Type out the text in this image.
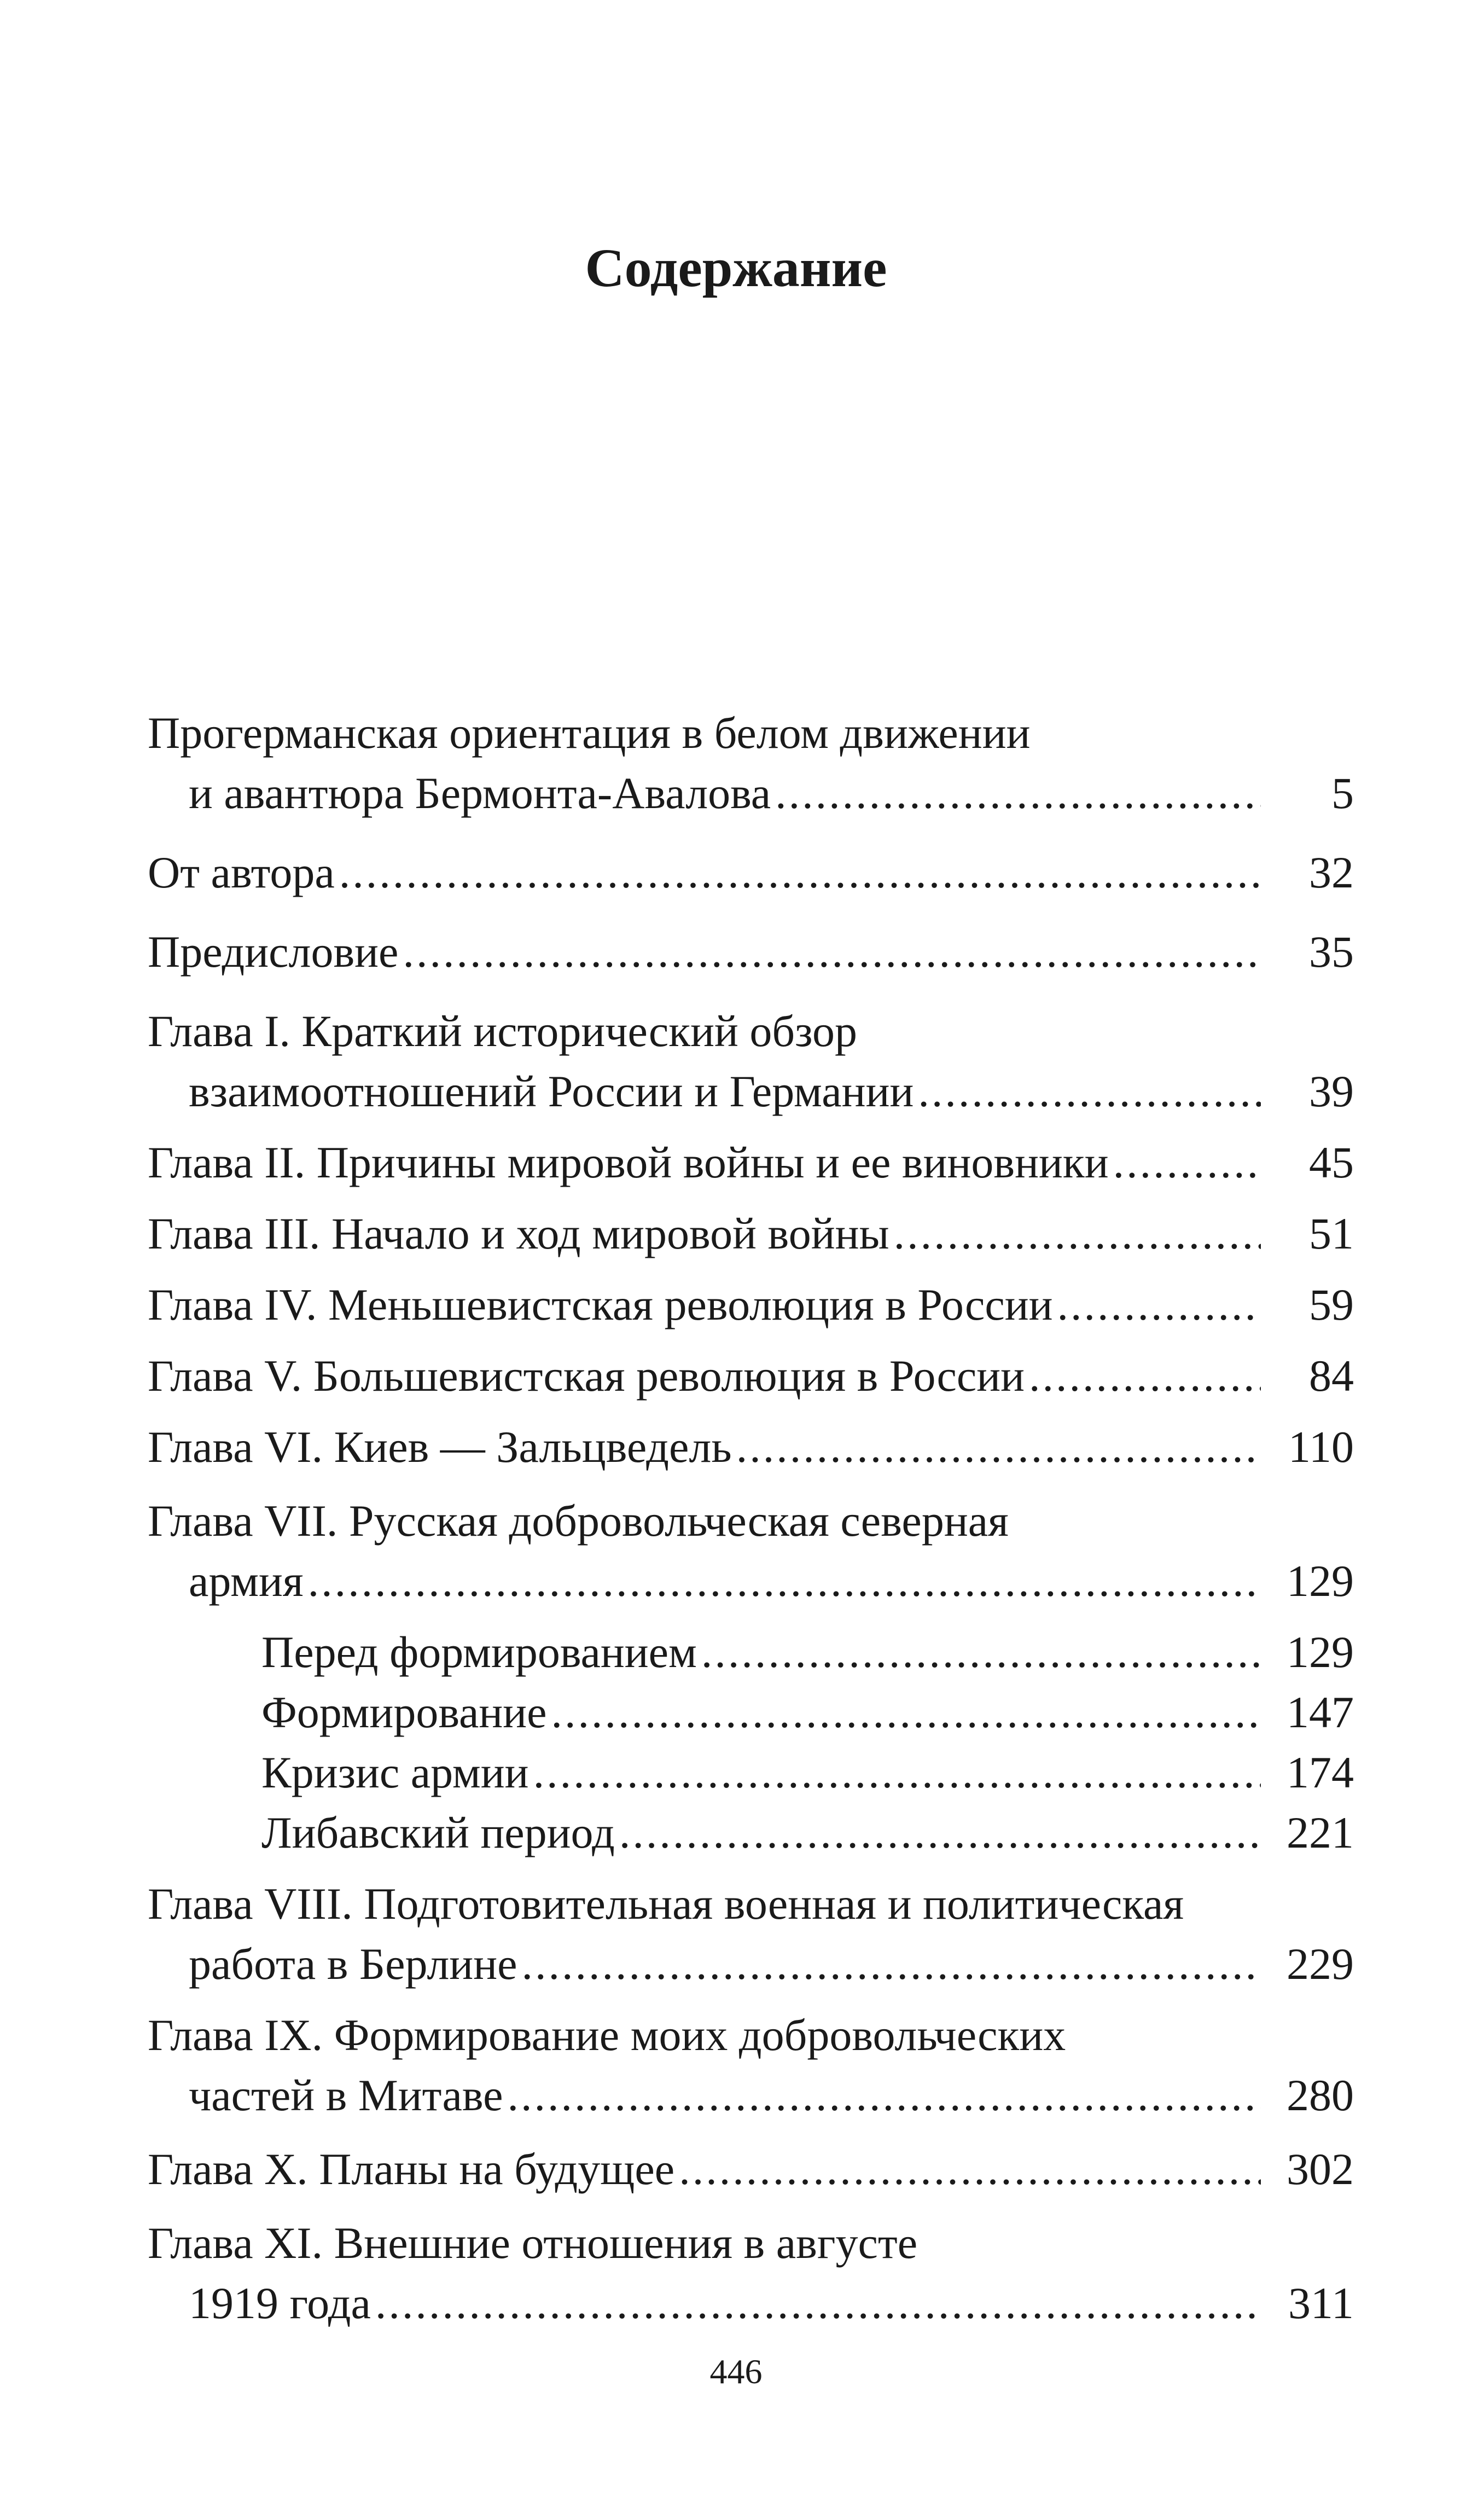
Содержание
Прогерманская ориентация в белом движении
и авантюра Бермонта-Авалова .....	5
От автора .....	32
Предисловие .....	35
Глава I. Краткий исторический обзор
взаимоотношений России и Германии .....	39
Глава II. Причины мировой войны и ее виновники .....	45
Глава III. Начало и ход мировой войны .....	51
Глава IV. Меньшевистская революция в России .....	59
Глава V. Большевистская революция в России .....	84
Глава VI. Киев — Зальцведель .....	110
Глава VII. Русская добровольческая северная
армия .....	129
Перед формированием .....	129
Формирование .....	147
Кризис армии .....	174
Либавский период .....	221
Глава VIII. Подготовительная военная и политическая
работа в Берлине .....	229
Глава IX. Формирование моих добровольческих
частей в Митаве .....	280
Глава X. Планы на будущее .....	302
Глава XI. Внешние отношения в августе
1919 года .....	311
446
